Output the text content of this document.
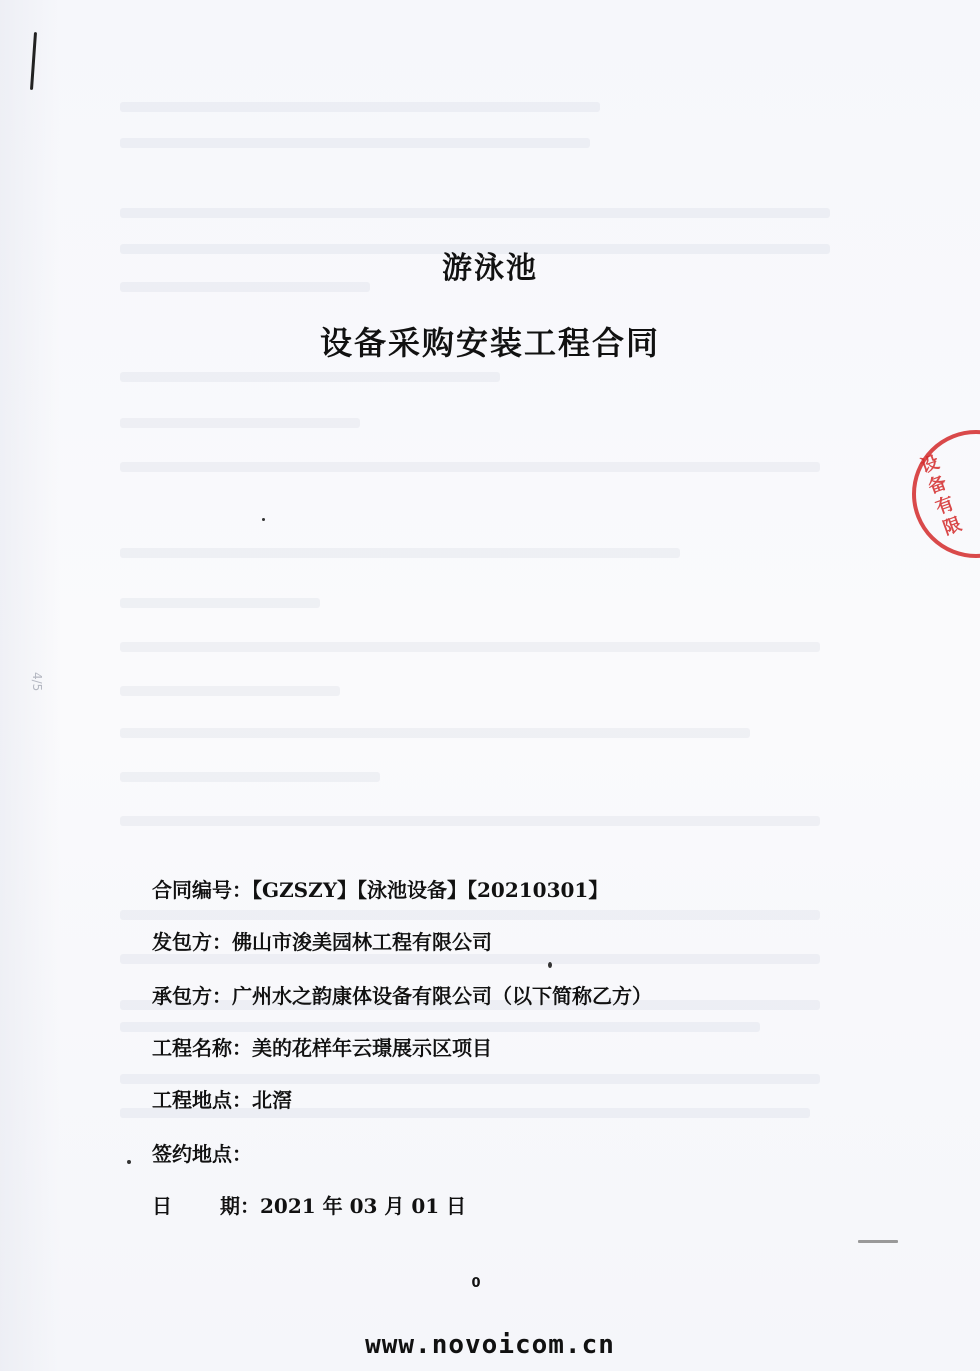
4/5
设备有限
游泳池
设备采购安装工程合同
合同编号：【GZSZY】【泳池设备】【20210301】
发包方：佛山市浚美园林工程有限公司
承包方：广州水之韵康体设备有限公司（以下简称乙方）
工程名称：美的花样年云璟展示区项目
工程地点：北滘
签约地点：
日 期：2021 年 03 月 01 日
0
www.novoicom.cn
